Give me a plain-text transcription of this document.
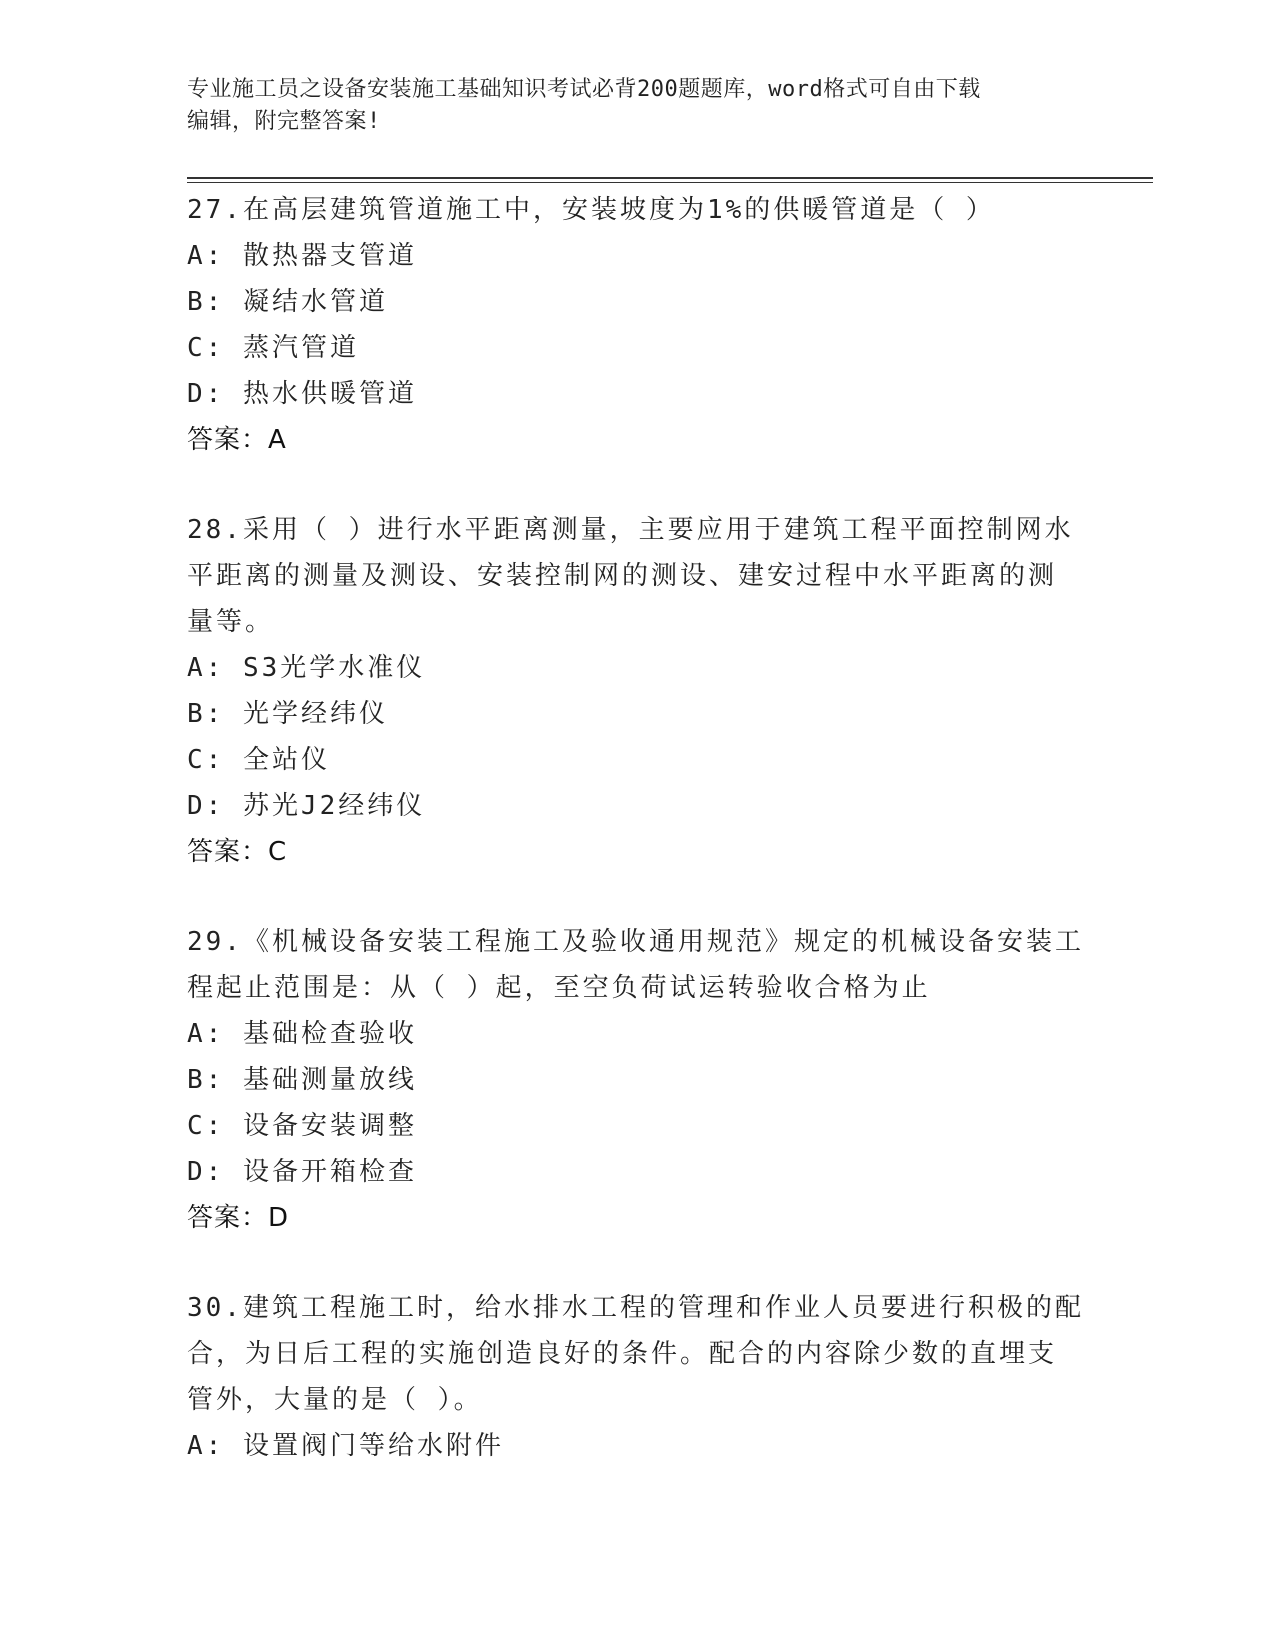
专业施工员之设备安装施工基础知识考试必背200题题库，word格式可自由下载
编辑，附完整答案!
27.在高层建筑管道施工中，安装坡度为1%的供暖管道是（ ）
A: 散热器支管道
B: 凝结水管道
C: 蒸汽管道
D: 热水供暖管道
答案：A
28.采用（ ）进行水平距离测量，主要应用于建筑工程平面控制网水
平距离的测量及测设、安装控制网的测设、建安过程中水平距离的测
量等。
A: S3光学水准仪
B: 光学经纬仪
C: 全站仪
D: 苏光J2经纬仪
答案：C
29.《机械设备安装工程施工及验收通用规范》规定的机械设备安装工
程起止范围是：从（ ）起，至空负荷试运转验收合格为止
A: 基础检查验收
B: 基础测量放线
C: 设备安装调整
D: 设备开箱检查
答案：D
30.建筑工程施工时，给水排水工程的管理和作业人员要进行积极的配
合，为日后工程的实施创造良好的条件。配合的内容除少数的直埋支
管外，大量的是（ ）。
A: 设置阀门等给水附件
